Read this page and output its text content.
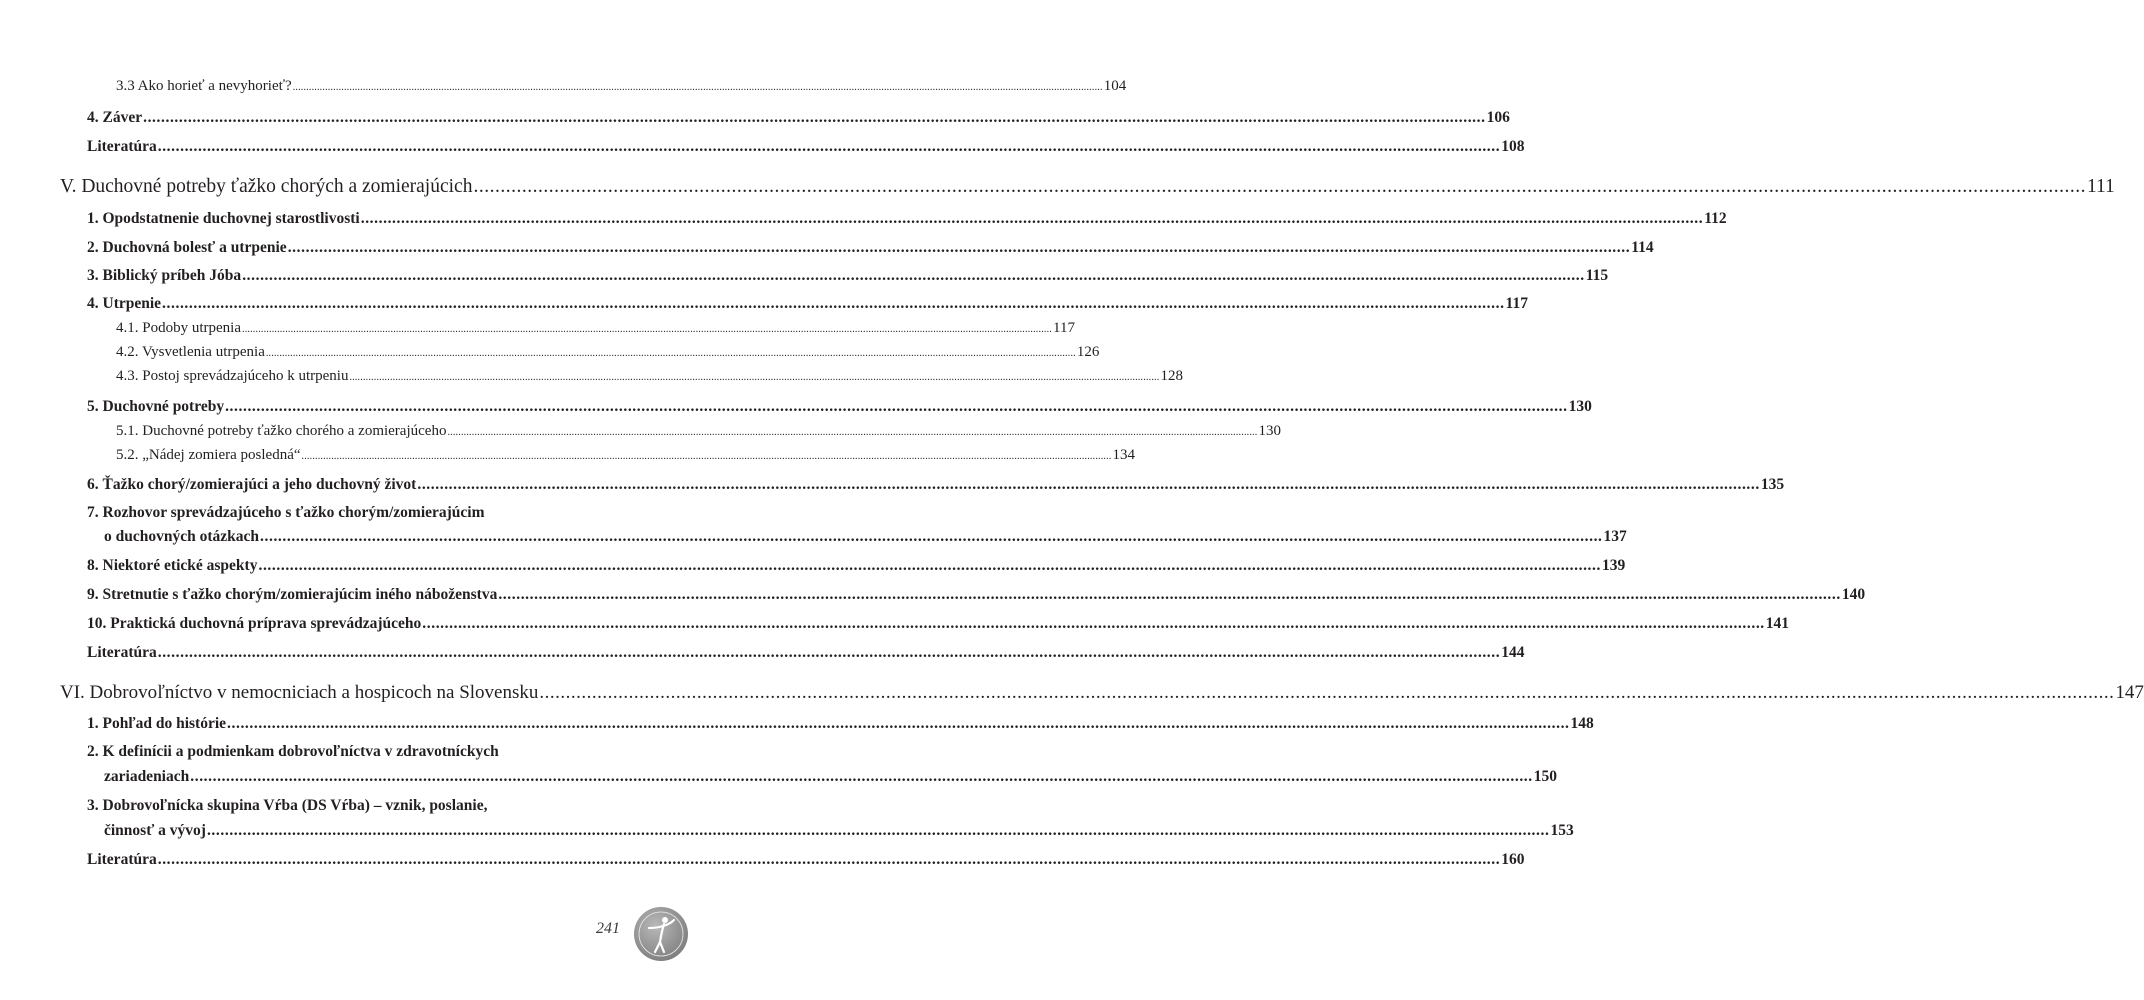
3.3 Ako horieť a nevyhorieť? ............................................................................................................................................................................................................................................................................................................ 104
4. Záver ............................................................................................................................................................................................................................................................................................................ 106
Literatúra ............................................................................................................................................................................................................................................................................................................ 108
V. Duchovné potreby ťažko chorých a zomierajúcich ............................................................................................................................................................................................................................................................................................................ 111
1. Opodstatnenie duchovnej starostlivosti ............................................................................................................................................................................................................................................................................................................ 112
2. Duchovná bolesť a utrpenie ............................................................................................................................................................................................................................................................................................................ 114
3. Biblický príbeh Jóba ............................................................................................................................................................................................................................................................................................................ 115
4. Utrpenie ............................................................................................................................................................................................................................................................................................................ 117
4.1. Podoby utrpenia ............................................................................................................................................................................................................................................................................................................ 117
4.2. Vysvetlenia utrpenia ............................................................................................................................................................................................................................................................................................................ 126
4.3. Postoj sprevádzajúceho k utrpeniu ............................................................................................................................................................................................................................................................................................................ 128
5. Duchovné potreby ............................................................................................................................................................................................................................................................................................................ 130
5.1. Duchovné potreby ťažko chorého a zomierajúceho ............................................................................................................................................................................................................................................................................................................ 130
5.2. „Nádej zomiera posledná“ ............................................................................................................................................................................................................................................................................................................ 134
6. Ťažko chorý/zomierajúci a jeho duchovný život ............................................................................................................................................................................................................................................................................................................ 135
7. Rozhovor sprevádzajúceho s ťažko chorým/zomierajúcim
o duchovných otázkach ............................................................................................................................................................................................................................................................................................................ 137
8. Niektoré etické aspekty ............................................................................................................................................................................................................................................................................................................ 139
9. Stretnutie s ťažko chorým/zomierajúcim iného náboženstva ............................................................................................................................................................................................................................................................................................................ 140
10. Praktická duchovná príprava sprevádzajúceho ............................................................................................................................................................................................................................................................................................................ 141
Literatúra ............................................................................................................................................................................................................................................................................................................ 144
VI. Dobrovoľníctvo v nemocniciach a hospicoch na Slovensku ............................................................................................................................................................................................................................................................................................................ 147
1. Pohľad do histórie ............................................................................................................................................................................................................................................................................................................ 148
2. K definícii a podmienkam dobrovoľníctva v zdravotníckych
zariadeniach ............................................................................................................................................................................................................................................................................................................ 150
3. Dobrovoľnícka skupina Vŕba (DS Vŕba) – vznik, poslanie,
činnosť a vývoj ............................................................................................................................................................................................................................................................................................................ 153
Literatúra ............................................................................................................................................................................................................................................................................................................ 160
241
